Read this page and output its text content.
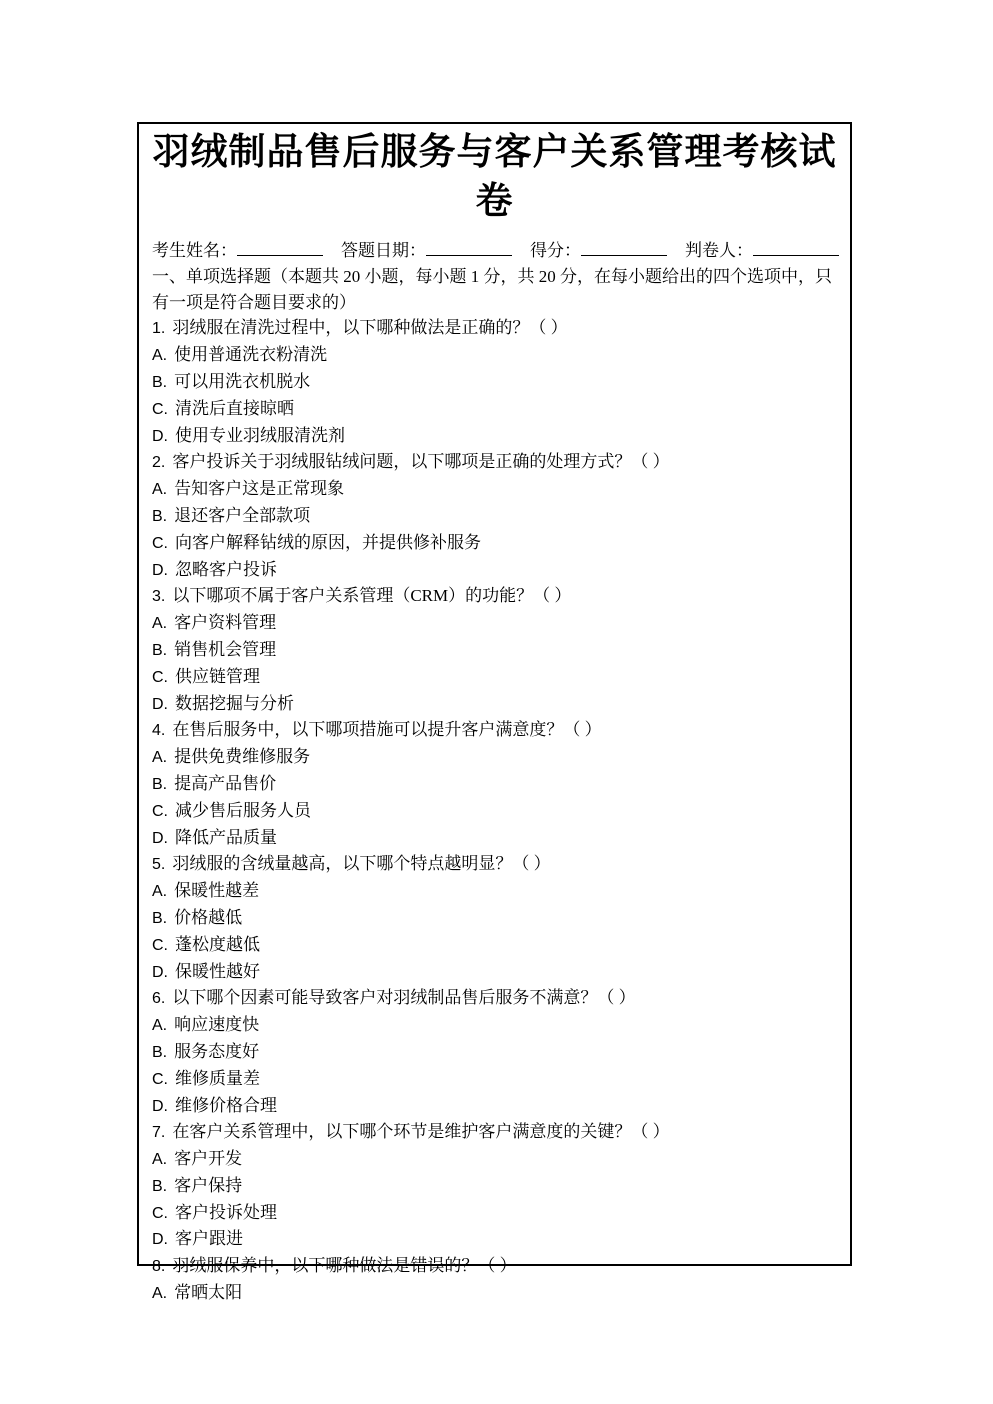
羽绒制品售后服务与客户关系管理考核试卷
考生姓名：	答题日期：	得分：	判卷人：
一、单项选择题（本题共 20 小题，每小题 1 分，共 20 分，在每小题给出的四个选项中，只有一项是符合题目要求的）

1. 羽绒服在清洗过程中，以下哪种做法是正确的？（ ）

A. 使用普通洗衣粉清洗

B. 可以用洗衣机脱水

C. 清洗后直接晾晒

D. 使用专业羽绒服清洗剂

2. 客户投诉关于羽绒服钻绒问题，以下哪项是正确的处理方式？（ ）

A. 告知客户这是正常现象

B. 退还客户全部款项

C. 向客户解释钻绒的原因，并提供修补服务

D. 忽略客户投诉

3. 以下哪项不属于客户关系管理（CRM）的功能？（ ）

A. 客户资料管理

B. 销售机会管理

C. 供应链管理

D. 数据挖掘与分析

4. 在售后服务中，以下哪项措施可以提升客户满意度？（ ）

A. 提供免费维修服务

B. 提高产品售价

C. 减少售后服务人员

D. 降低产品质量

5. 羽绒服的含绒量越高，以下哪个特点越明显？（ ）

A. 保暖性越差

B. 价格越低

C. 蓬松度越低

D. 保暖性越好

6. 以下哪个因素可能导致客户对羽绒制品售后服务不满意？（ ）

A. 响应速度快

B. 服务态度好

C. 维修质量差

D. 维修价格合理

7. 在客户关系管理中，以下哪个环节是维护客户满意度的关键？（ ）

A. 客户开发

B. 客户保持

C. 客户投诉处理

D. 客户跟进

8. 羽绒服保养中，以下哪种做法是错误的？（ ）

A. 常晒太阳
